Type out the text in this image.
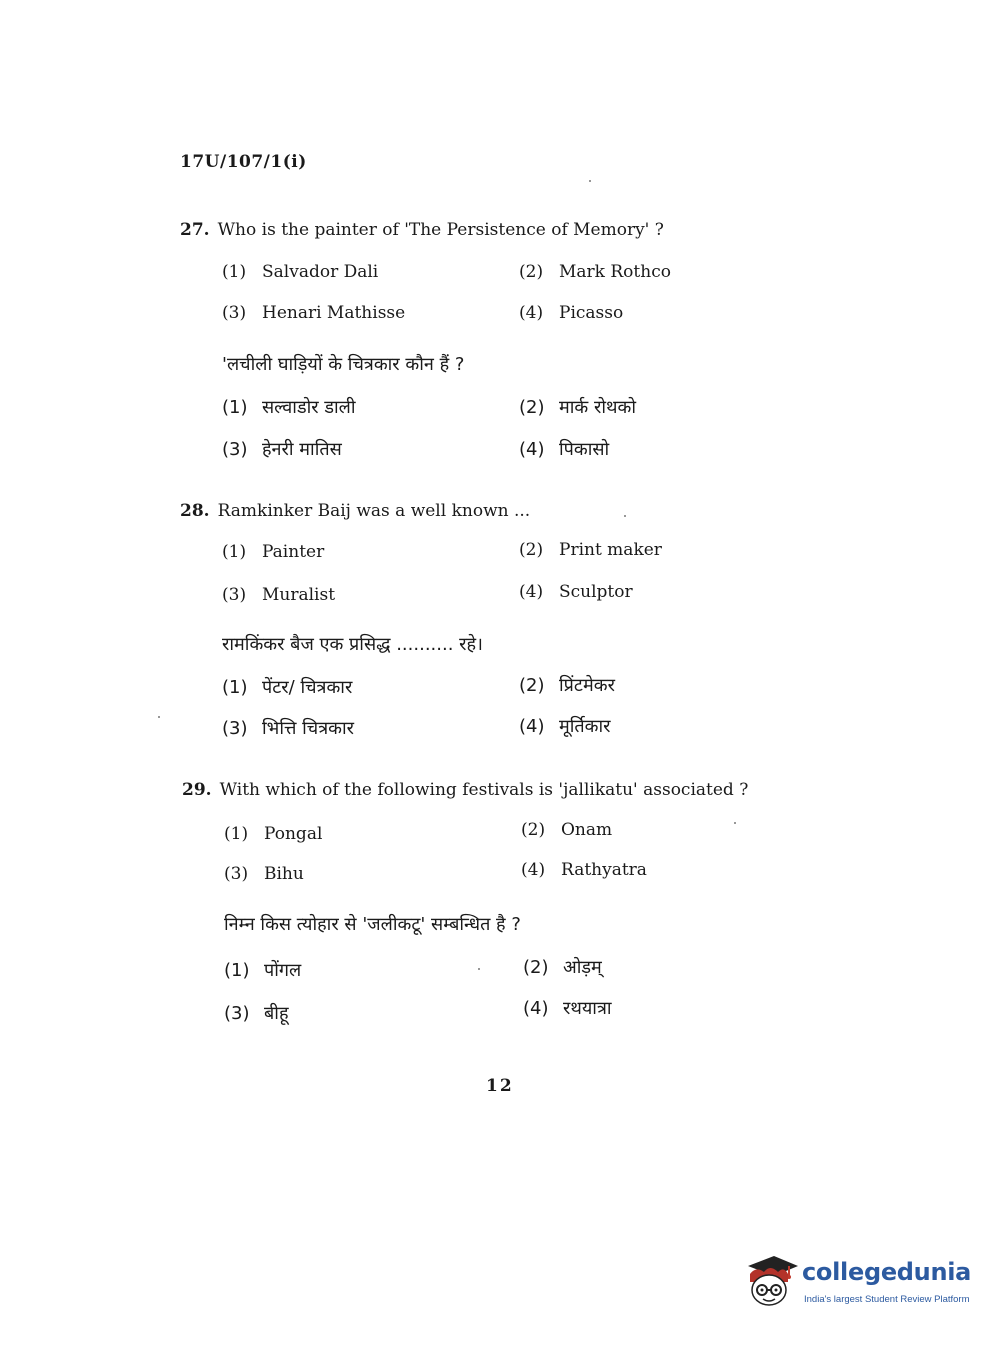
17U/107/1(i)
27. Who is the painter of 'The Persistence of Memory' ?
(1) Salvador Dali	(2) Mark Rothco
(3) Henari Mathisse	(4) Picasso
'लचीली घाड़ियों के चित्रकार कौन हैं ?
(1) सल्वाडोर डाली	(2) मार्क रोथको
(3) हेनरी मातिस	(4) पिकासो
28. Ramkinker Baij was a well known ...
(1) Painter	(2) Print maker
(3) Muralist	(4) Sculptor
रामकिंकर बैज एक प्रसिद्ध .......... रहे।
(1) पेंटर/ चित्रकार	(2) प्रिंटमेकर
(3) भित्ति चित्रकार	(4) मूर्तिकार
29. With which of the following festivals is 'jallikatu' associated ?
(1) Pongal	(2) Onam
(3) Bihu	(4) Rathyatra
निम्न किस त्योहार से 'जलीकटू' सम्बन्धित है ?
(1) पोंगल	(2) ओड़म्
(3) बीहू	(4) रथयात्रा
12
collegedunia
India's largest Student Review Platform
